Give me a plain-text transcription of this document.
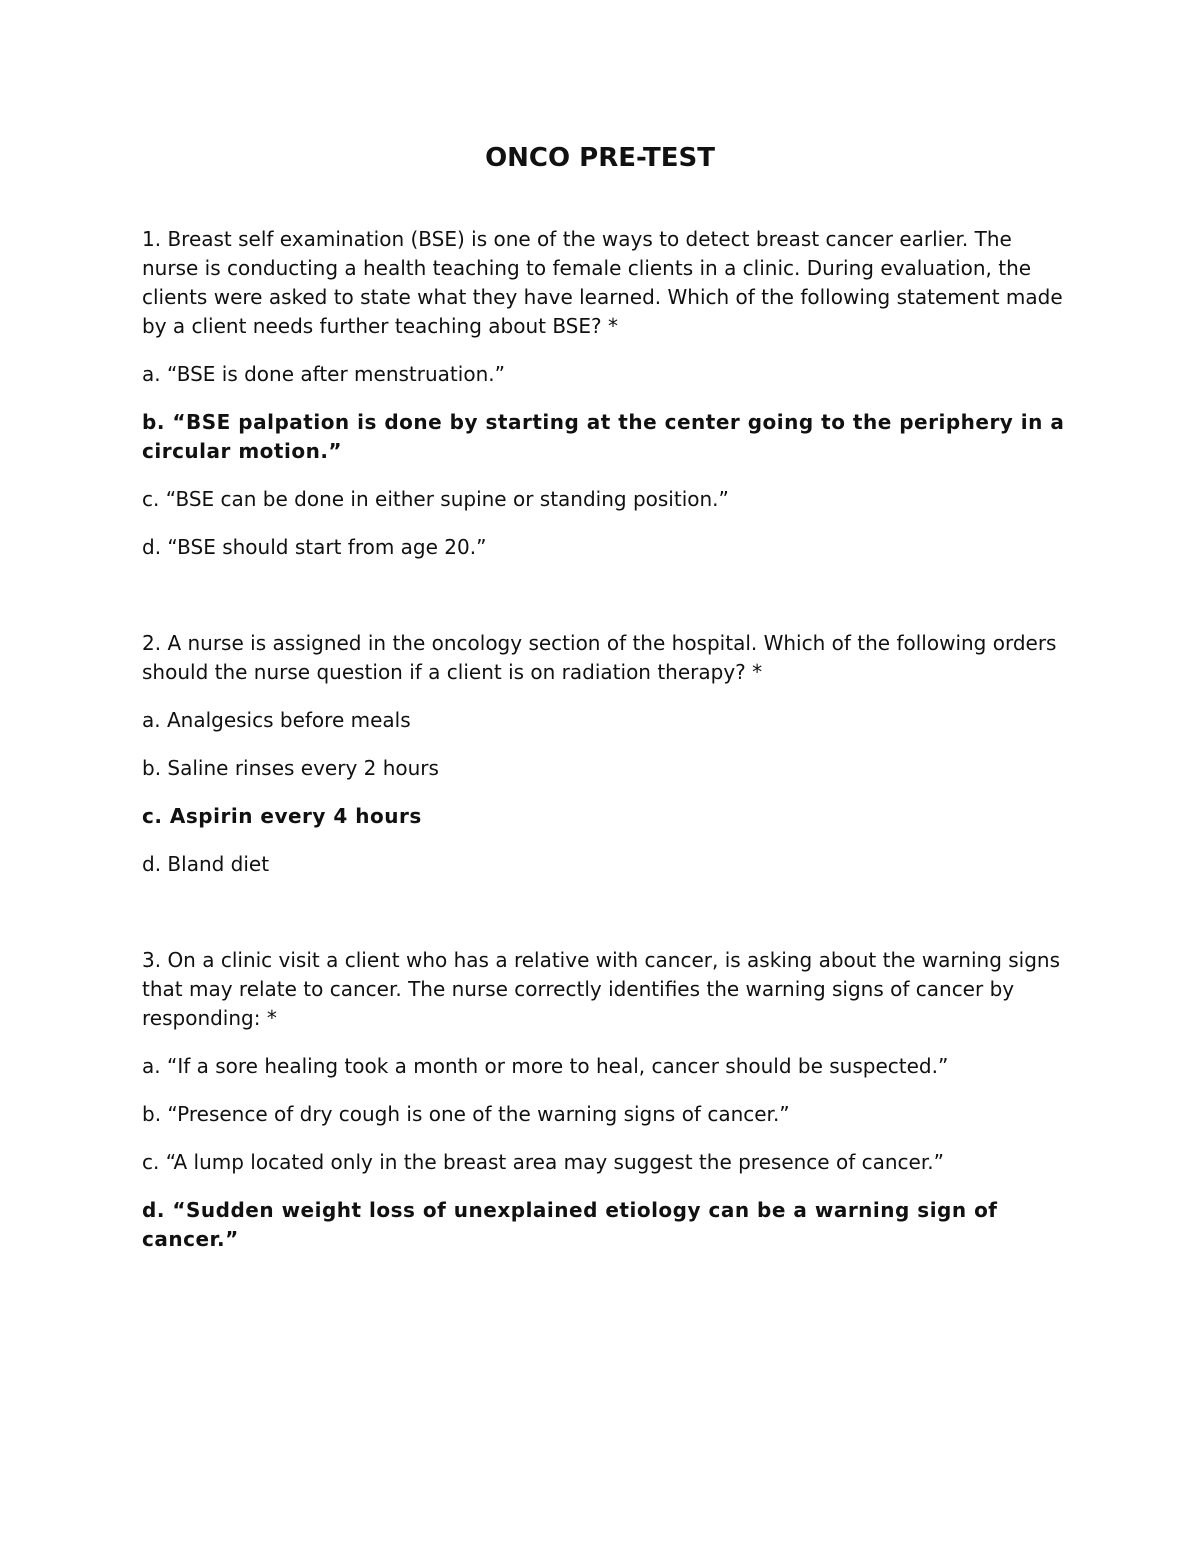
ONCO PRE-TEST

1. Breast self examination (BSE) is one of the ways to detect breast cancer earlier. The nurse is conducting a health teaching to female clients in a clinic. During evaluation, the clients were asked to state what they have learned. Which of the following statement made by a client needs further teaching about BSE? *

a. “BSE is done after menstruation.”

b. “BSE palpation is done by starting at the center going to the periphery in a circular motion.”

c. “BSE can be done in either supine or standing position.”

d. “BSE should start from age 20.”

2. A nurse is assigned in the oncology section of the hospital. Which of the following orders should the nurse question if a client is on radiation therapy? *

a. Analgesics before meals

b. Saline rinses every 2 hours

c. Aspirin every 4 hours

d. Bland diet

3. On a clinic visit a client who has a relative with cancer, is asking about the warning signs that may relate to cancer. The nurse correctly identifies the warning signs of cancer by responding: *

a. “If a sore healing took a month or more to heal, cancer should be suspected.”

b. “Presence of dry cough is one of the warning signs of cancer.”

c. “A lump located only in the breast area may suggest the presence of cancer.”

d. “Sudden weight loss of unexplained etiology can be a warning sign of cancer.”
